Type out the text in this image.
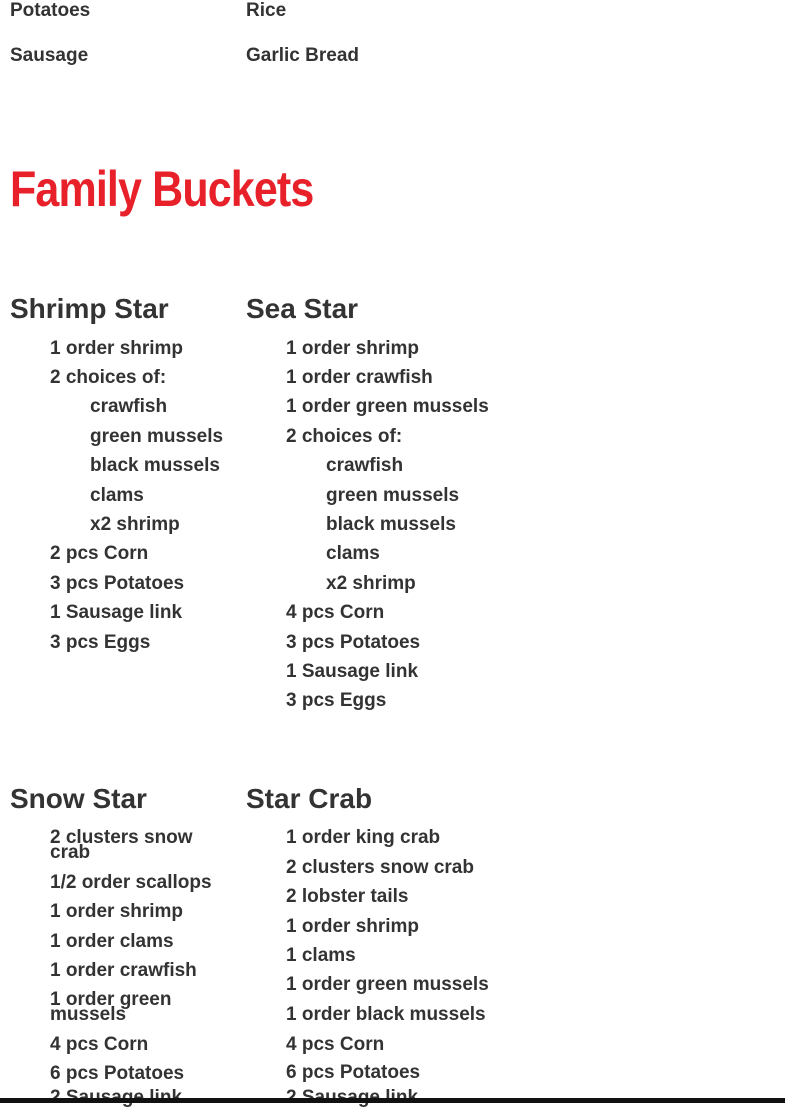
Potatoes	Rice
Sausage	Garlic Bread
Family Buckets
Shrimp Star
1 order shrimp
2 choices of:
crawfish
green mussels
black mussels
clams
x2 shrimp
2 pcs Corn
3 pcs Potatoes
1 Sausage link
3 pcs Eggs
Sea Star
1 order shrimp
1 order crawfish
1 order green mussels
2 choices of:
crawfish
green mussels
black mussels
clams
x2 shrimp
4 pcs Corn
3 pcs Potatoes
1 Sausage link
3 pcs Eggs
Snow Star
2 clusters snow crab
1/2 order scallops
1 order shrimp
1 order clams
1 order crawfish
1 order green mussels
4 pcs Corn
6 pcs Potatoes
Star Crab
1 order king crab
2 clusters snow crab
2 lobster tails
1 order shrimp
1 clams
1 order green mussels
1 order black mussels
4 pcs Corn
6 pcs Potatoes
